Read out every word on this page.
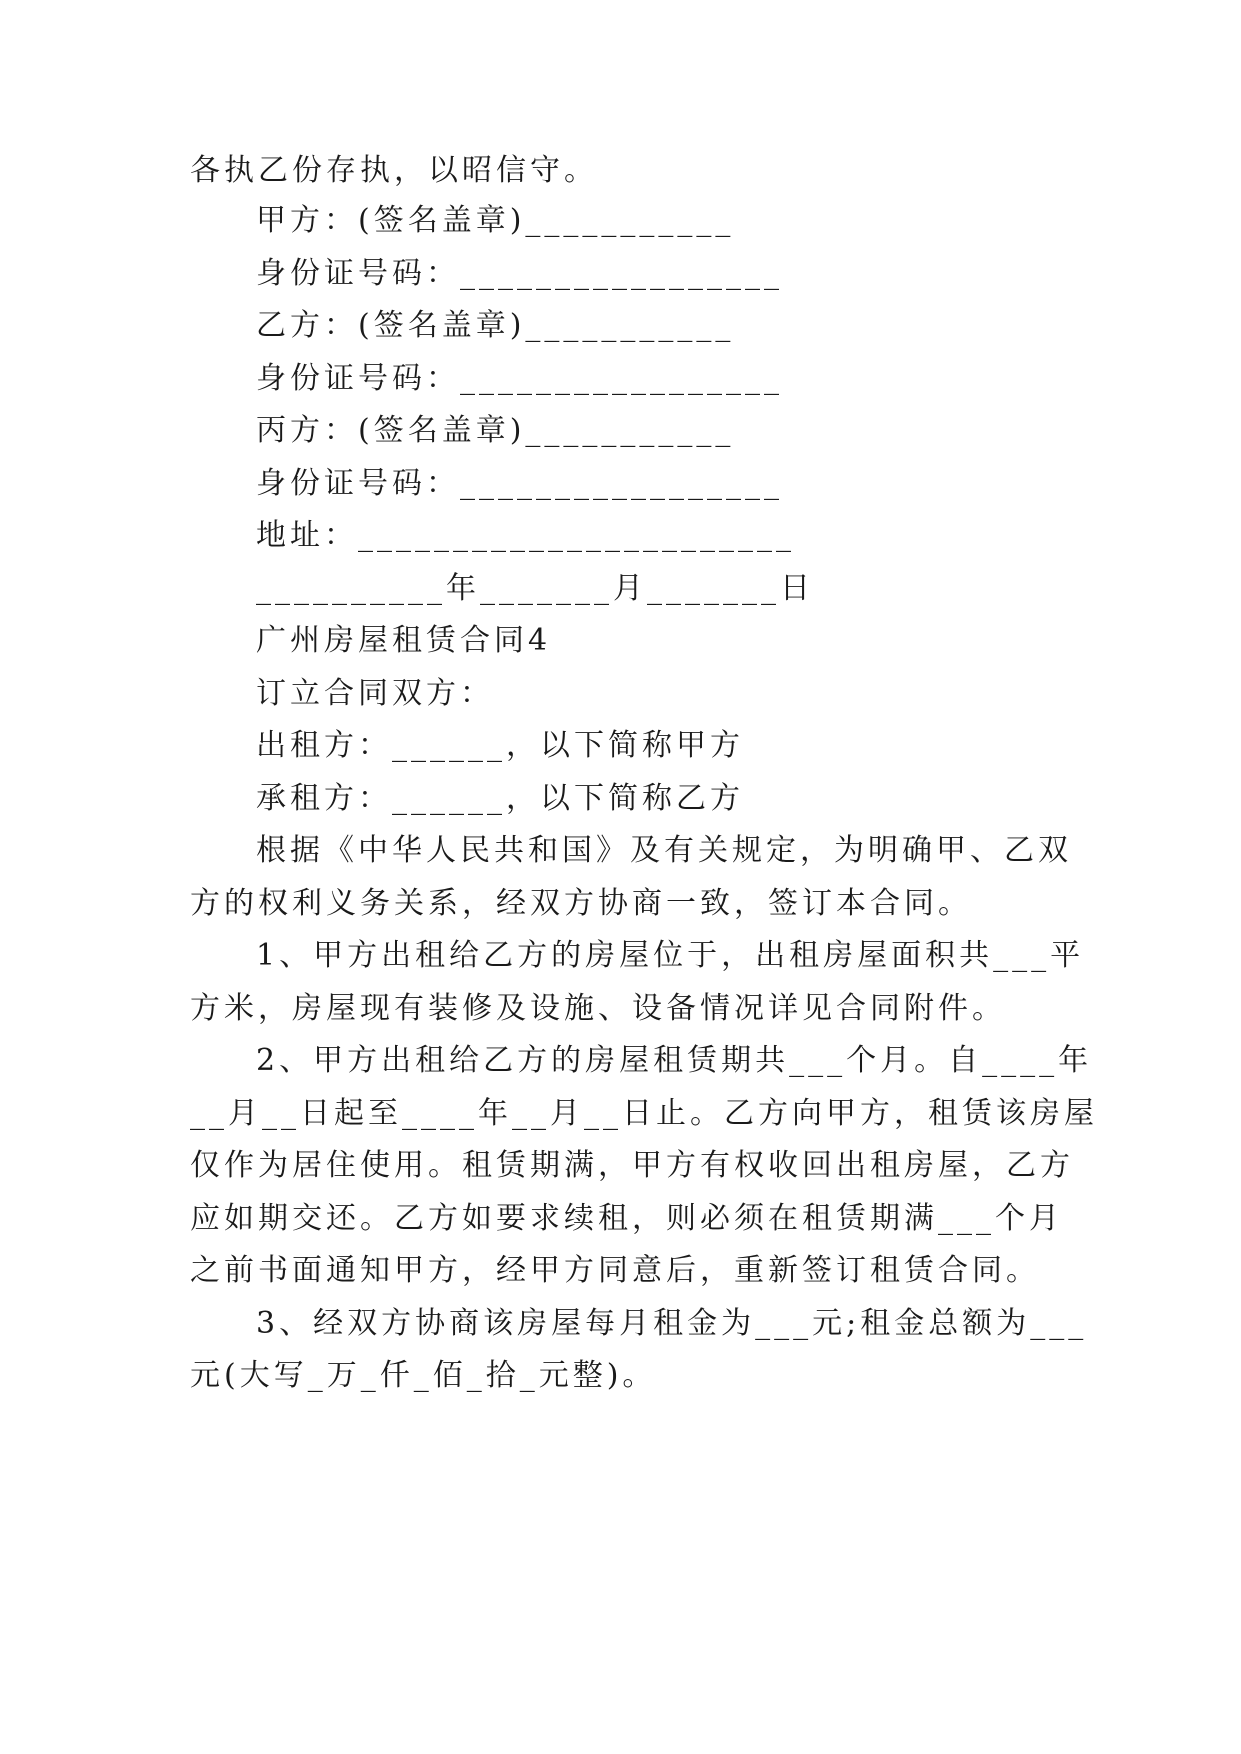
各执乙份存执，以昭信守。
甲方：(签名盖章)___________
身份证号码：_________________
乙方：(签名盖章)___________
身份证号码：_________________
丙方：(签名盖章)___________
身份证号码：_________________
地址：_______________________
__________年_______月_______日
广州房屋租赁合同4
订立合同双方：
出租方：______，以下简称甲方
承租方：______，以下简称乙方
根据《中华人民共和国》及有关规定，为明确甲、乙双
方的权利义务关系，经双方协商一致，签订本合同。
1、甲方出租给乙方的房屋位于，出租房屋面积共___平
方米，房屋现有装修及设施、设备情况详见合同附件。
2、甲方出租给乙方的房屋租赁期共___个月。自____年
__月__日起至____年__月__日止。乙方向甲方，租赁该房屋
仅作为居住使用。租赁期满，甲方有权收回出租房屋，乙方
应如期交还。乙方如要求续租，则必须在租赁期满___个月
之前书面通知甲方，经甲方同意后，重新签订租赁合同。
3、经双方协商该房屋每月租金为___元;租金总额为___
元(大写_万_仟_佰_拾_元整)。
